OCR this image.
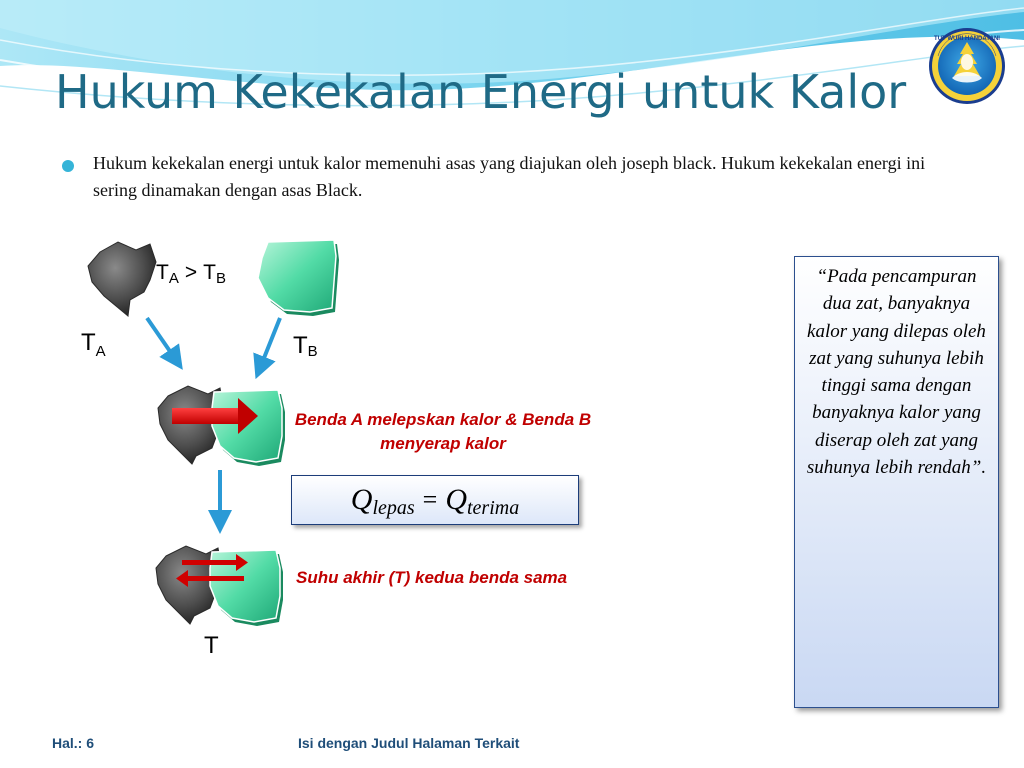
Hukum Kekekalan Energi untuk Kalor

Hukum kekekalan energi untuk kalor memenuhi asas yang diajukan oleh joseph black. Hukum kekekalan energi ini sering dinamakan dengan asas Black.

TUT WURI HANDAYANI
TA > TB
$T_A$	TB
T

Benda A melepskan kalor & Benda B menyerap kalor

Q lepas = Q terima

Suhu akhir (T) kedua benda sama

“Pada pencampuran dua zat, banyaknya kalor yang dilepas oleh zat yang suhunya lebih tinggi sama dengan banyaknya kalor yang diserap oleh zat yang suhunya lebih rendah”.

Hal.: 6	Isi dengan Judul Halaman Terkait
